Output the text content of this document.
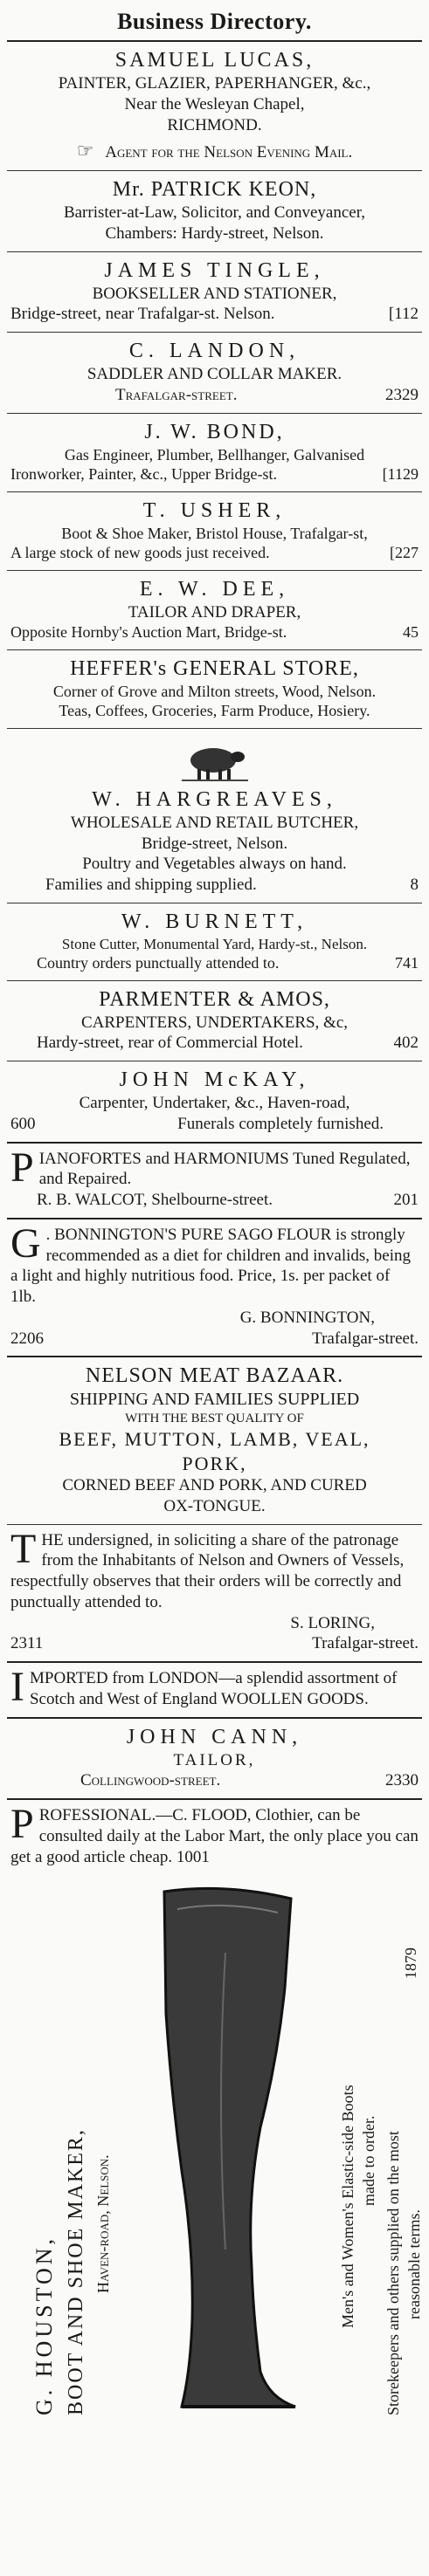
Business Directory.
SAMUEL LUCAS,
PAINTER, GLAZIER, PAPERHANGER, &c.,
Near the Wesleyan Chapel,
RICHMOND.
☞ Agent for the Nelson Evening Mail.
Mr. PATRICK KEON,
Barrister-at-Law, Solicitor, and Conveyancer,
Chambers: Hardy-street, Nelson.
JAMES TINGLE,
BOOKSELLER AND STATIONER,
Bridge-street, near Trafalgar-st. Nelson.	[112
C. LANDON,
SADDLER AND COLLAR MAKER.
Trafalgar-street.	2329
J. W. BOND,
Gas Engineer, Plumber, Bellhanger, Galvanised
Ironworker, Painter, &c., Upper Bridge-st.	[1129
T. USHER,
Boot & Shoe Maker, Bristol House, Trafalgar-st,
A large stock of new goods just received.	[227
E. W. DEE,
TAILOR AND DRAPER,
Opposite Hornby's Auction Mart, Bridge-st.	45
HEFFER's GENERAL STORE,
Corner of Grove and Milton streets, Wood, Nelson.
Teas, Coffees, Groceries, Farm Produce, Hosiery.
W. HARGREAVES,
WHOLESALE AND RETAIL BUTCHER,
Bridge-street, Nelson.
Poultry and Vegetables always on hand.
Families and shipping supplied.	8
W. BURNETT,
Stone Cutter, Monumental Yard, Hardy-st., Nelson.
Country orders punctually attended to.	741
PARMENTER & AMOS,
CARPENTERS, UNDERTAKERS, &c,
Hardy-street, rear of Commercial Hotel.	402
JOHN McKAY,
Carpenter, Undertaker, &c., Haven-road,
600	Funerals completely furnished.
P IANOFORTES and HARMONIUMS Tuned Regulated, and Repaired.
R. B. WALCOT, Shelbourne-street.	201
G . BONNINGTON'S PURE SAGO FLOUR is strongly recommended as a diet for children and invalids, being a light and highly nutritious food. Price, 1s. per packet of 1lb.
G. BONNINGTON,
2206	Trafalgar-street.
NELSON MEAT BAZAAR.
SHIPPING AND FAMILIES SUPPLIED
WITH THE BEST QUALITY OF
BEEF, MUTTON, LAMB, VEAL,
PORK,
CORNED BEEF AND PORK, AND CURED
OX-TONGUE.
T HE undersigned, in soliciting a share of the patronage from the Inhabitants of Nelson and Owners of Vessels, respectfully observes that their orders will be correctly and punctually attended to.
S. LORING,
2311	Trafalgar-street.
I MPORTED from LONDON—a splendid assortment of Scotch and West of England WOOLLEN GOODS.
JOHN CANN,
TAILOR,
Collingwood-street.	2330
P ROFESSIONAL.—C. FLOOD, Clothier, can be consulted daily at the Labor Mart, the only place you can get a good article cheap. 1001
G. HOUSTON, BOOT AND SHOE MAKER, Haven-road, Nelson.	Men's and Women's Elastic-side Boots made to order. Storekeepers and others supplied on the most reasonable terms.
1879
